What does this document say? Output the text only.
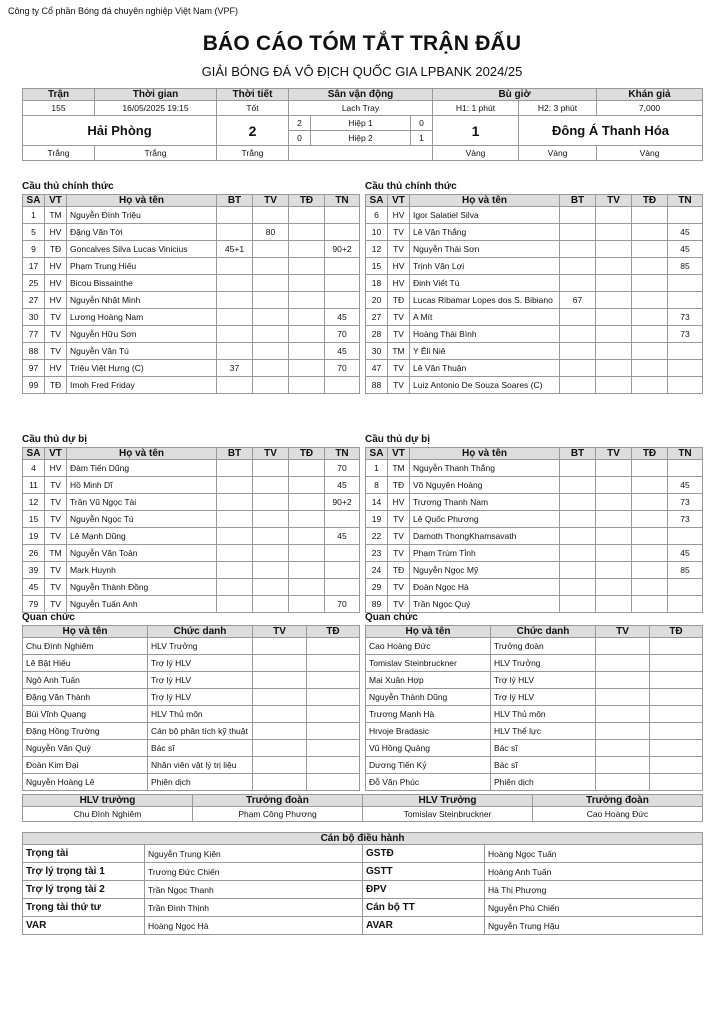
Công ty Cổ phần Bóng đá chuyên nghiệp Việt Nam (VPF)
BÁO CÁO TÓM TẮT TRẬN ĐẤU
GIẢI BÓNG ĐÁ VÔ ĐỊCH QUỐC GIA LPBANK 2024/25
Trận	Thời gian	Thời tiết	Sân vận động			Bù giờ		Khán giả
155	16/05/2025 19:15	Tốt	Lạch Tray			H1: 1 phút	H2: 3 phút	7,000
Hải Phòng		2	2	Hiệp 1	0	1	Đông Á Thanh Hóa	
			0	Hiệp 2	1			
Trắng	Trắng	Trắng				Vàng	Vàng	Vàng
Cầu thủ chính thức	Cầu thủ chính thức
Cầu thủ dự bị	Cầu thủ dự bị
Quan chức	Quan chức
SA	VT	Họ và tên	BT	TV	TĐ	TN
1	TM	Nguyễn Đình Triệu				
5	HV	Đặng Văn Tới		80		
9	TĐ	Goncalves Silva Lucas Vinicius	45+1			90+2
17	HV	Phạm Trung Hiếu				
25	HV	Bicou Bissainthe				
27	HV	Nguyễn Nhật Minh				
30	TV	Lương Hoàng Nam				45
77	TV	Nguyễn Hữu Sơn				70
88	TV	Nguyễn Văn Tú				45
97	HV	Triệu Việt Hưng (C)	37			70
99	TĐ	Imoh Fred Friday				
SA	VT	Họ và tên	BT	TV	TĐ	TN
6	HV	Igor Salatiel Silva				
10	TV	Lê Văn Thắng				45
12	TV	Nguyễn Thái Sơn				45
15	HV	Trịnh Văn Lợi				85
18	HV	Đinh Viết Tú				
20	TĐ	Lucas Ribamar Lopes dos S. Bibiano	67			
27	TV	A Mít				73
28	TV	Hoàng Thái Bình				73
30	TM	Y Êli Niê				
47	TV	Lê Văn Thuận				
88	TV	Luiz Antonio De Souza Soares (C)				
SA	VT	Họ và tên	BT	TV	TĐ	TN
4	HV	Đàm Tiến Dũng				70
11	TV	Hồ Minh Dĩ				45
12	TV	Trần Vũ Ngọc Tài				90+2
15	TV	Nguyễn Ngọc Tú				
19	TV	Lê Mạnh Dũng				45
26	TM	Nguyễn Văn Toản				
39	TV	Mark Huynh				
45	TV	Nguyễn Thành Đồng				
79	TV	Nguyễn Tuấn Anh				70
SA	VT	Họ và tên	BT	TV	TĐ	TN
1	TM	Nguyễn Thanh Thắng				
8	TĐ	Võ Nguyên Hoàng				45
14	HV	Trương Thanh Nam				73
19	TV	Lê Quốc Phương				73
22	TV	Damoth ThongKhamsavath				
23	TV	Phạm Trùm Tỉnh				45
24	TĐ	Nguyễn Ngọc Mỹ				85
29	TV	Đoàn Ngọc Hà				
89	TV	Trần Ngọc Quý				
Họ và tên	Chức danh	TV	TĐ
Chu Đình Nghiêm	HLV Trưởng		
Lê Bật Hiếu	Trợ lý HLV		
Ngô Anh Tuấn	Trợ lý HLV		
Đặng Văn Thành	Trợ lý HLV		
Bùi Vĩnh Quang	HLV Thủ môn		
Đặng Hồng Trường	Cán bộ phân tích kỹ thuật		
Nguyễn Văn Quý	Bác sĩ		
Đoàn Kim Đại	Nhân viên vật lý trị liệu		
Nguyễn Hoàng Lê	Phiên dịch		
Họ và tên	Chức danh	TV	TĐ
Cao Hoàng Đức	Trưởng đoàn		
Tomislav Steinbruckner	HLV Trưởng		
Mai Xuân Hợp	Trợ lý HLV		
Nguyễn Thành Dũng	Trợ lý HLV		
Trương Mạnh Hà	HLV Thủ môn		
Hrvoje Bradasic	HLV Thể lực		
Vũ Hồng Quảng	Bác sĩ		
Dương Tiến Kỷ	Bác sĩ		
Đỗ Văn Phúc	Phiên dịch		
HLV trưởng	Trưởng đoàn	HLV Trưởng	Trưởng đoàn
Chu Đình Nghiêm	Phạm Công Phương	Tomislav Steinbruckner	Cao Hoàng Đức
Cán bộ điều hành			
Trọng tài	Nguyễn Trung Kiên	GSTĐ	Hoàng Ngọc Tuấn
Trợ lý trọng tài 1	Trương Đức Chiến	GSTT	Hoàng Anh Tuấn
Trợ lý trọng tài 2	Trần Ngọc Thanh	ĐPV	Hà Thị Phượng
Trọng tài thứ tư	Trần Đình Thịnh	Cán bộ TT	Nguyễn Phú Chiến
VAR	Hoàng Ngọc Hà	AVAR	Nguyễn Trung Hậu
